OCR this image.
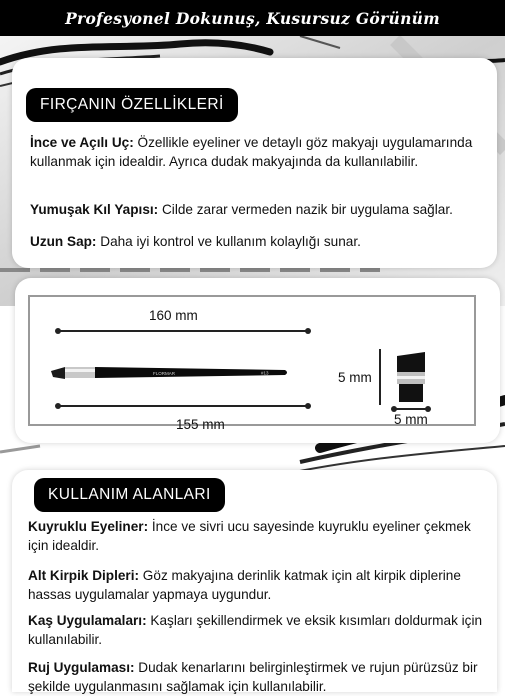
Profesyonel Dokunuş, Kusursuz Görünüm
FIRÇANIN ÖZELLİKLERİ
İnce ve Açılı Uç: Özellikle eyeliner ve detaylı göz makyajı uygulamarında kullanmak için idealdir. Ayrıca dudak makyajında da kullanılabilir.
Yumuşak Kıl Yapısı: Cilde zarar vermeden nazik bir uygulama sağlar.
Uzun Sap: Daha iyi kontrol ve kullanım kolaylığı sunar.
160 mm
FLORMAR	#13
155 mm
5 mm
5 mm
KULLANIM ALANLARI
Kuyruklu Eyeliner: İnce ve sivri ucu sayesinde kuyruklu eyeliner çekmek için idealdir.
Alt Kirpik Dipleri: Göz makyajına derinlik katmak için alt kirpik diplerine hassas uygulamalar yapmaya uygundur.
Kaş Uygulamaları: Kaşları şekillendirmek ve eksik kısımları doldurmak için kullanılabilir.
Ruj Uygulaması: Dudak kenarlarını belirginleştirmek ve rujun pürüzsüz bir şekilde uygulanmasını sağlamak için kullanılabilir.
